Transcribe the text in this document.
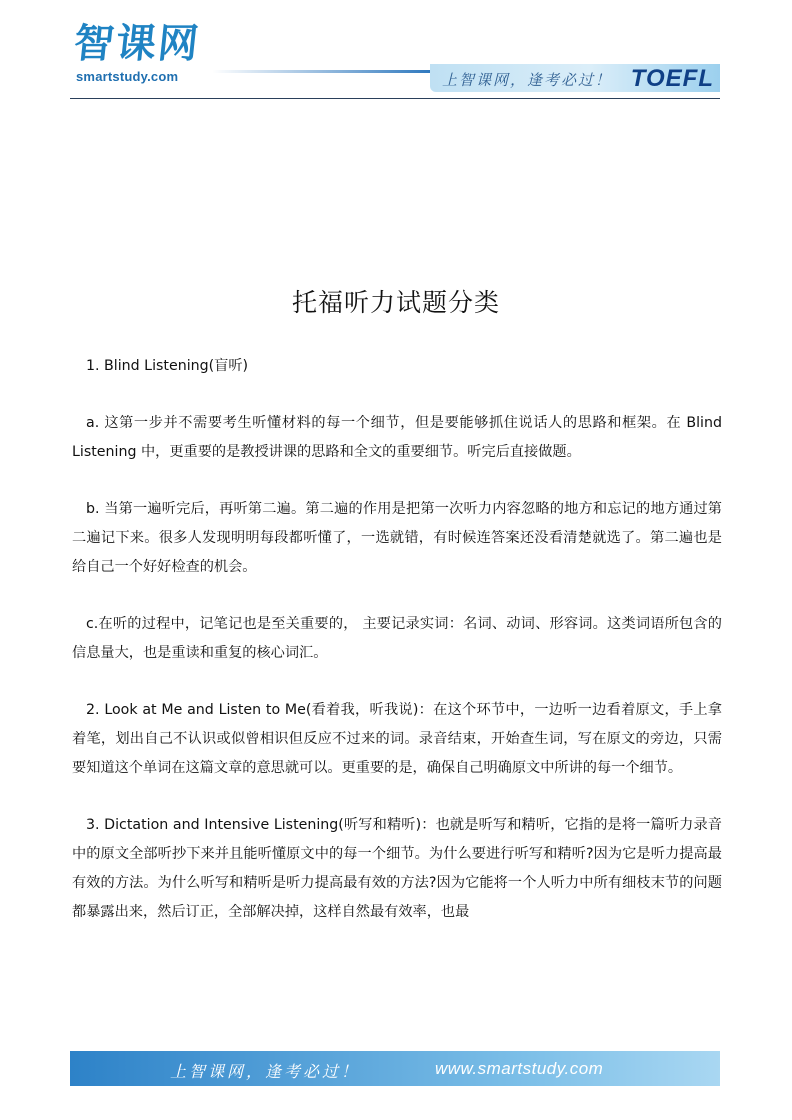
智课网
smartstudy.com	上智课网，逢考必过！ TOEFL
托福听力试题分类

1. Blind Listening(盲听)

a. 这第一步并不需要考生听懂材料的每一个细节，但是要能够抓住说话人的思路和框架。在 Blind Listening 中，更重要的是教授讲课的思路和全文的重要细节。听完后直接做题。

b. 当第一遍听完后，再听第二遍。第二遍的作用是把第一次听力内容忽略的地方和忘记的地方通过第二遍记下来。很多人发现明明每段都听懂了，一选就错，有时候连答案还没看清楚就选了。第二遍也是给自己一个好好检查的机会。

c.在听的过程中，记笔记也是至关重要的， 主要记录实词：名词、动词、形容词。这类词语所包含的信息量大，也是重读和重复的核心词汇。

2. Look at Me and Listen to Me(看着我，听我说)：在这个环节中，一边听一边看着原文，手上拿着笔，划出自己不认识或似曾相识但反应不过来的词。录音结束，开始查生词，写在原文的旁边，只需要知道这个单词在这篇文章的意思就可以。更重要的是，确保自己明确原文中所讲的每一个细节。

3. Dictation and Intensive Listening(听写和精听)：也就是听写和精听，它指的是将一篇听力录音中的原文全部听抄下来并且能听懂原文中的每一个细节。为什么要进行听写和精听?因为它是听力提高最有效的方法。为什么听写和精听是听力提高最有效的方法?因为它能将一个人听力中所有细枝末节的问题都暴露出来，然后订正，全部解决掉，这样自然最有效率，也最

上智课网，逢考必过！	www.smartstudy.com
